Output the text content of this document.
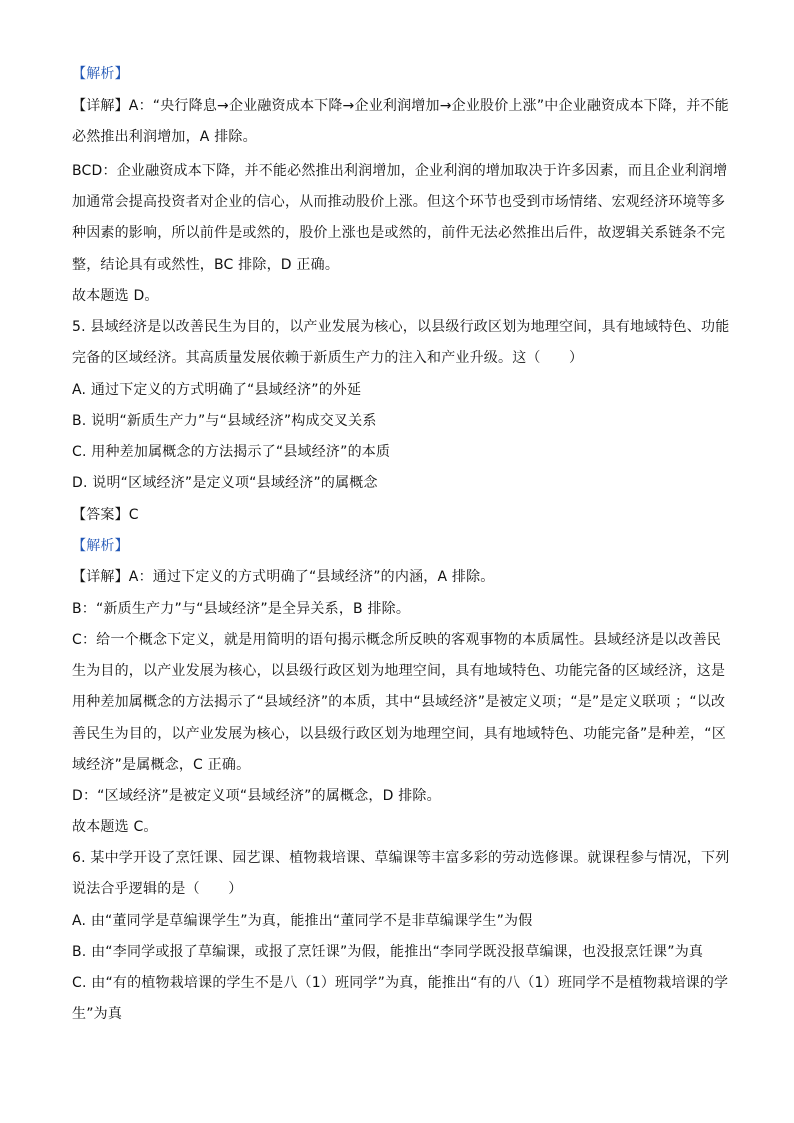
【解析】
【详解】A：“央行降息→企业融资成本下降→企业利润增加→企业股价上涨”中企业融资成本下降，并不能
必然推出利润增加，A 排除。
BCD：企业融资成本下降，并不能必然推出利润增加，企业利润的增加取决于许多因素，而且企业利润增
加通常会提高投资者对企业的信心，从而推动股价上涨。但这个环节也受到市场情绪、宏观经济环境等多
种因素的影响，所以前件是或然的，股价上涨也是或然的，前件无法必然推出后件，故逻辑关系链条不完
整，结论具有或然性，BC 排除，D 正确。
故本题选 D。
5. 县域经济是以改善民生为目的，以产业发展为核心，以县级行政区划为地理空间，具有地域特色、功能
完备的区域经济。其高质量发展依赖于新质生产力的注入和产业升级。这（　　）
A. 通过下定义的方式明确了“县域经济”的外延
B. 说明“新质生产力”与“县域经济”构成交叉关系
C. 用种差加属概念的方法揭示了“县域经济”的本质
D. 说明“区域经济”是定义项“县域经济”的属概念
【答案】C
【解析】
【详解】A：通过下定义的方式明确了“县域经济”的内涵，A 排除。
B：“新质生产力”与“县域经济”是全异关系，B 排除。
C：给一个概念下定义，就是用简明的语句揭示概念所反映的客观事物的本质属性。县域经济是以改善民
生为目的，以产业发展为核心，以县级行政区划为地理空间，具有地域特色、功能完备的区域经济，这是
用种差加属概念的方法揭示了“县域经济”的本质，其中“县域经济”是被定义项；“是”是定义联项 ；“以改
善民生为目的，以产业发展为核心，以县级行政区划为地理空间，具有地域特色、功能完备”是种差，“区
域经济”是属概念，C 正确。
D：“区域经济”是被定义项“县域经济”的属概念，D 排除。
故本题选 C。
6. 某中学开设了烹饪课、园艺课、植物栽培课、草编课等丰富多彩的劳动选修课。就课程参与情况，下列
说法合乎逻辑的是（　　）
A. 由“董同学是草编课学生”为真，能推出“董同学不是非草编课学生”为假
B. 由“李同学或报了草编课，或报了烹饪课”为假，能推出“李同学既没报草编课，也没报烹饪课”为真
C. 由“有的植物栽培课的学生不是八（1）班同学”为真，能推出“有的八（1）班同学不是植物栽培课的学
生”为真
